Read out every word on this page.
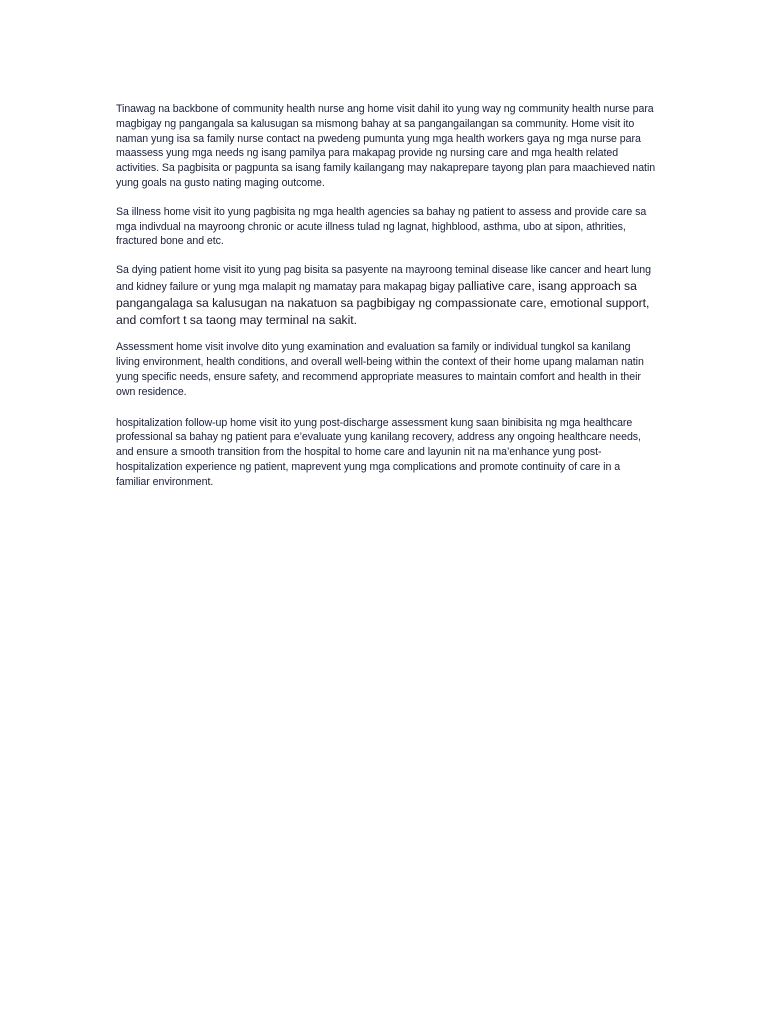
Tinawag na backbone of community health nurse ang home visit dahil ito yung way ng community health nurse para magbigay ng pangangala sa kalusugan sa mismong bahay at sa pangangailangan sa community. Home visit ito naman yung isa sa family nurse contact na pwedeng pumunta yung mga health workers gaya ng mga nurse para maassess yung mga needs ng isang pamilya para makapag provide ng nursing care and mga health related activities. Sa pagbisita or pagpunta sa isang family kailangang may nakaprepare tayong plan para maachieved natin yung goals na gusto nating maging outcome.

Sa illness home visit ito yung pagbisita ng mga health agencies sa bahay ng patient to assess and provide care sa mga indivdual na mayroong chronic or acute illness tulad ng lagnat, highblood, asthma, ubo at sipon, athrities, fractured bone and etc.

Sa dying patient home visit ito yung pag bisita sa pasyente na mayroong teminal disease like cancer and heart lung and kidney failure or yung mga malapit ng mamatay para makapag bigay palliative care, isang approach sa pangangalaga sa kalusugan na nakatuon sa pagbibigay ng compassionate care, emotional support, and comfort t sa taong may terminal na sakit.

Assessment home visit involve dito yung examination and evaluation sa family or individual tungkol sa kanilang living environment, health conditions, and overall well-being within the context of their home upang malaman natin yung specific needs, ensure safety, and recommend appropriate measures to maintain comfort and health in their own residence.

hospitalization follow-up home visit ito yung post-discharge assessment kung saan binibisita ng mga healthcare professional sa bahay ng patient para e’evaluate yung kanilang recovery, address any ongoing healthcare needs, and ensure a smooth transition from the hospital to home care and layunin nit na ma’enhance yung post-hospitalization experience ng patient, maprevent yung mga complications and promote continuity of care in a familiar environment.
